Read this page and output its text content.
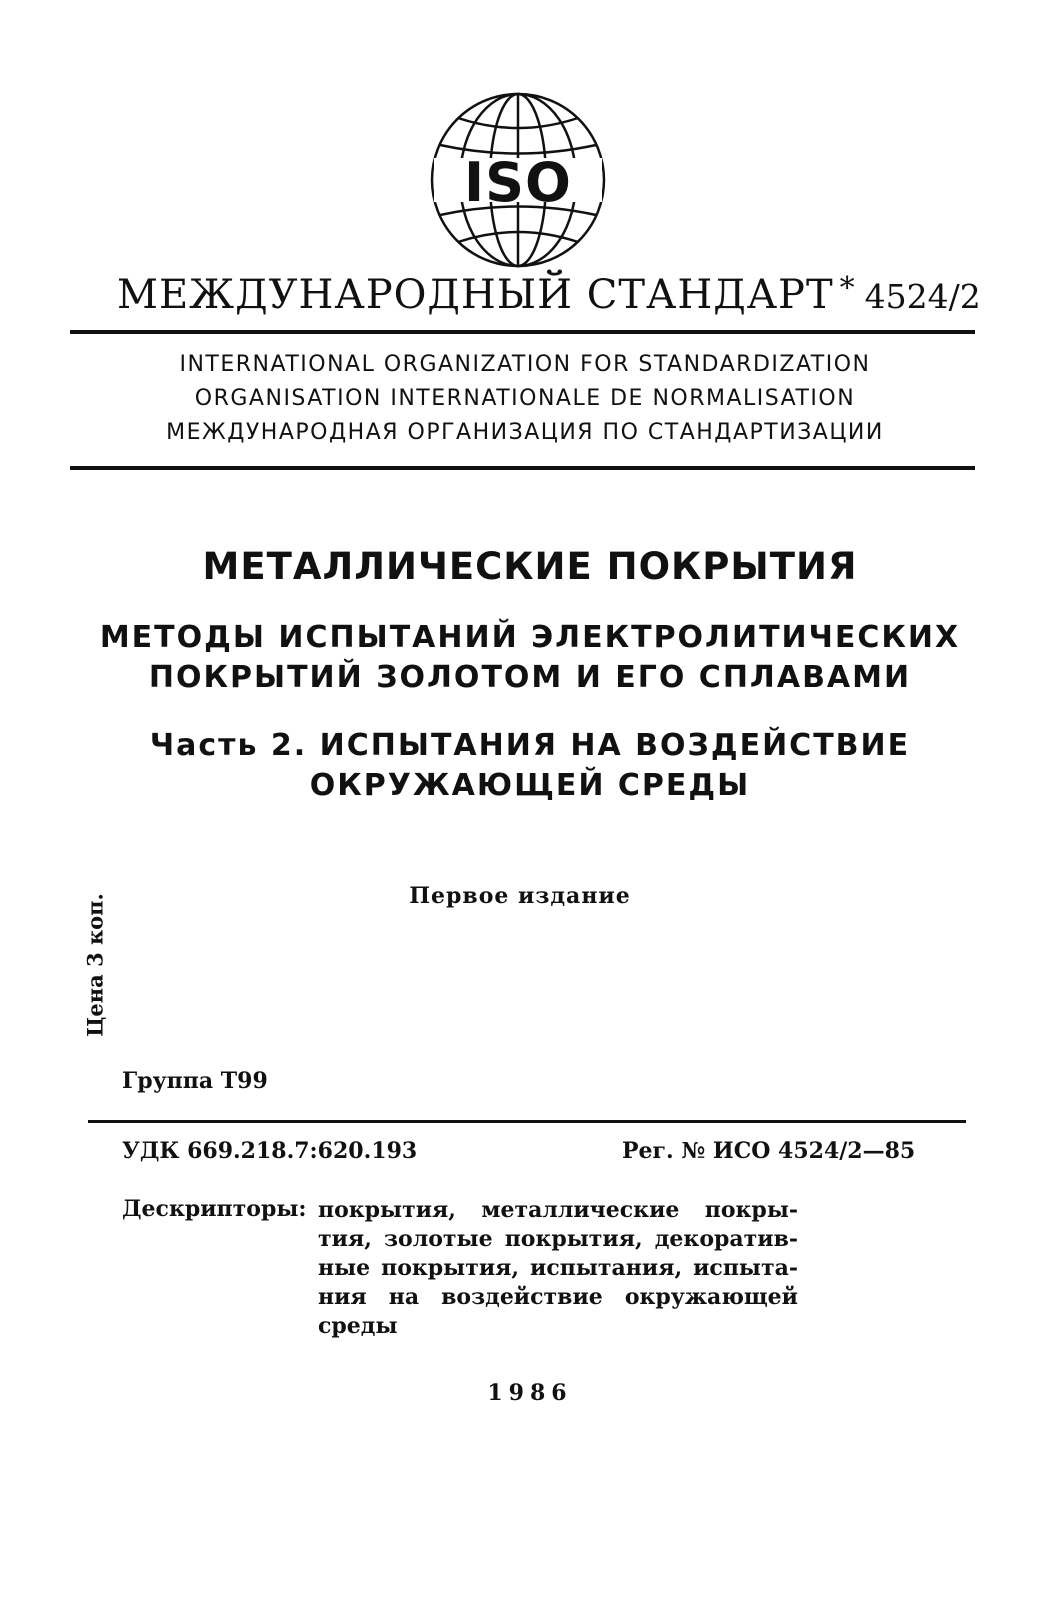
ISO
МЕЖДУНАРОДНЫЙ СТАНДАРТ * 4524/2
INTERNATIONAL ORGANIZATION FOR STANDARDIZATION
ORGANISATION INTERNATIONALE DE NORMALISATION
МЕЖДУНАРОДНАЯ ОРГАНИЗАЦИЯ ПО СТАНДАРТИЗАЦИИ
МЕТАЛЛИЧЕСКИЕ ПОКРЫТИЯ
МЕТОДЫ ИСПЫТАНИЙ ЭЛЕКТРОЛИТИЧЕСКИХ
ПОКРЫТИЙ ЗОЛОТОМ И ЕГО СПЛАВАМИ
Часть 2. ИСПЫТАНИЯ НА ВОЗДЕЙСТВИЕ
ОКРУЖАЮЩЕЙ СРЕДЫ
Первое издание
Цена 3 коп.
Группа Т99
УДК 669.218.7:620.193	Рег. № ИСО 4524/2—85
Дескрипторы: покрытия, металлические покры-
тия, золотые покрытия, декоратив-
ные покрытия, испытания, испыта-
ния на воздействие окружающей
среды
1986
